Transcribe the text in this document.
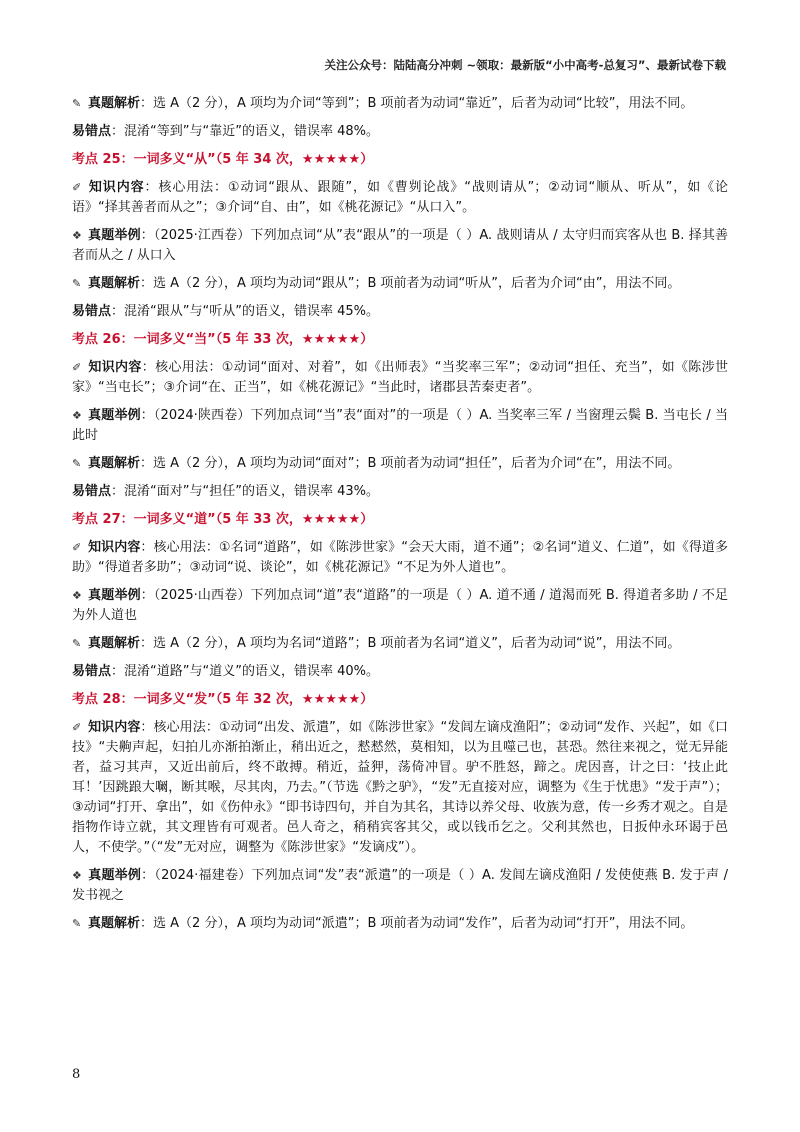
关注公众号：陆陆高分冲刺 ~领取：最新版“小中高考-总复习”、最新试卷下载
✎ 真题解析：选 A（2 分），A 项均为介词“等到”；B 项前者为动词“靠近”，后者为动词“比较”，用法不同。
易错点：混淆“等到”与“靠近”的语义，错误率 48%。
考点 25：一词多义“从”（5 年 34 次，★★★★★）
✐ 知识内容：核心用法：①动词“跟从、跟随”，如《曹刿论战》“战则请从”；②动词“顺从、听从”，如《论语》“择其善者而从之”；③介词“自、由”，如《桃花源记》“从口入”。
❖ 真题举例：（2025·江西卷）下列加点词“从”表“跟从”的一项是（ ）A. 战则请从 / 太守归而宾客从也 B. 择其善者而从之 / 从口入
✎ 真题解析：选 A（2 分），A 项均为动词“跟从”；B 项前者为动词“听从”，后者为介词“由”，用法不同。
易错点：混淆“跟从”与“听从”的语义，错误率 45%。
考点 26：一词多义“当”（5 年 33 次，★★★★★）
✐ 知识内容：核心用法：①动词“面对、对着”，如《出师表》“当奖率三军”；②动词“担任、充当”，如《陈涉世家》“当屯长”；③介词“在、正当”，如《桃花源记》“当此时，诸郡县苦秦吏者”。
❖ 真题举例：（2024·陕西卷）下列加点词“当”表“面对”的一项是（ ）A. 当奖率三军 / 当窗理云鬓 B. 当屯长 / 当此时
✎ 真题解析：选 A（2 分），A 项均为动词“面对”；B 项前者为动词“担任”，后者为介词“在”，用法不同。
易错点：混淆“面对”与“担任”的语义，错误率 43%。
考点 27：一词多义“道”（5 年 33 次，★★★★★）
✐ 知识内容：核心用法：①名词“道路”，如《陈涉世家》“会天大雨，道不通”；②名词“道义、仁道”，如《得道多助》“得道者多助”；③动词“说、谈论”，如《桃花源记》“不足为外人道也”。
❖ 真题举例：（2025·山西卷）下列加点词“道”表“道路”的一项是（ ）A. 道不通 / 道渴而死 B. 得道者多助 / 不足为外人道也
✎ 真题解析：选 A（2 分），A 项均为名词“道路”；B 项前者为名词“道义”，后者为动词“说”，用法不同。
易错点：混淆“道路”与“道义”的语义，错误率 40%。
考点 28：一词多义“发”（5 年 32 次，★★★★★）
✐ 知识内容：核心用法：①动词“出发、派遣”，如《陈涉世家》“发闾左谪戍渔阳”；②动词“发作、兴起”，如《口技》“夫齁声起，妇拍儿亦渐拍渐止，稍出近之，慭慭然，莫相知，以为且噬己也，甚恐。然往来视之，觉无异能者，益习其声，又近出前后，终不敢搏。稍近，益狎，荡倚冲冒。驴不胜怒，蹄之。虎因喜，计之曰：‘技止此耳！’因跳踉大㘎，断其喉，尽其肉，乃去。”（节选《黔之驴》，“发”无直接对应，调整为《生于忧患》“发于声”）；③动词“打开、拿出”，如《伤仲永》“即书诗四句，并自为其名，其诗以养父母、收族为意，传一乡秀才观之。自是指物作诗立就，其文理皆有可观者。邑人奇之，稍稍宾客其父，或以钱币乞之。父利其然也，日扳仲永环谒于邑人，不使学。”（“发”无对应，调整为《陈涉世家》“发谪戍”）。
❖ 真题举例：（2024·福建卷）下列加点词“发”表“派遣”的一项是（ ）A. 发闾左谪戍渔阳 / 发使使燕 B. 发于声 / 发书视之
✎ 真题解析：选 A（2 分），A 项均为动词“派遣”；B 项前者为动词“发作”，后者为动词“打开”，用法不同。
8
